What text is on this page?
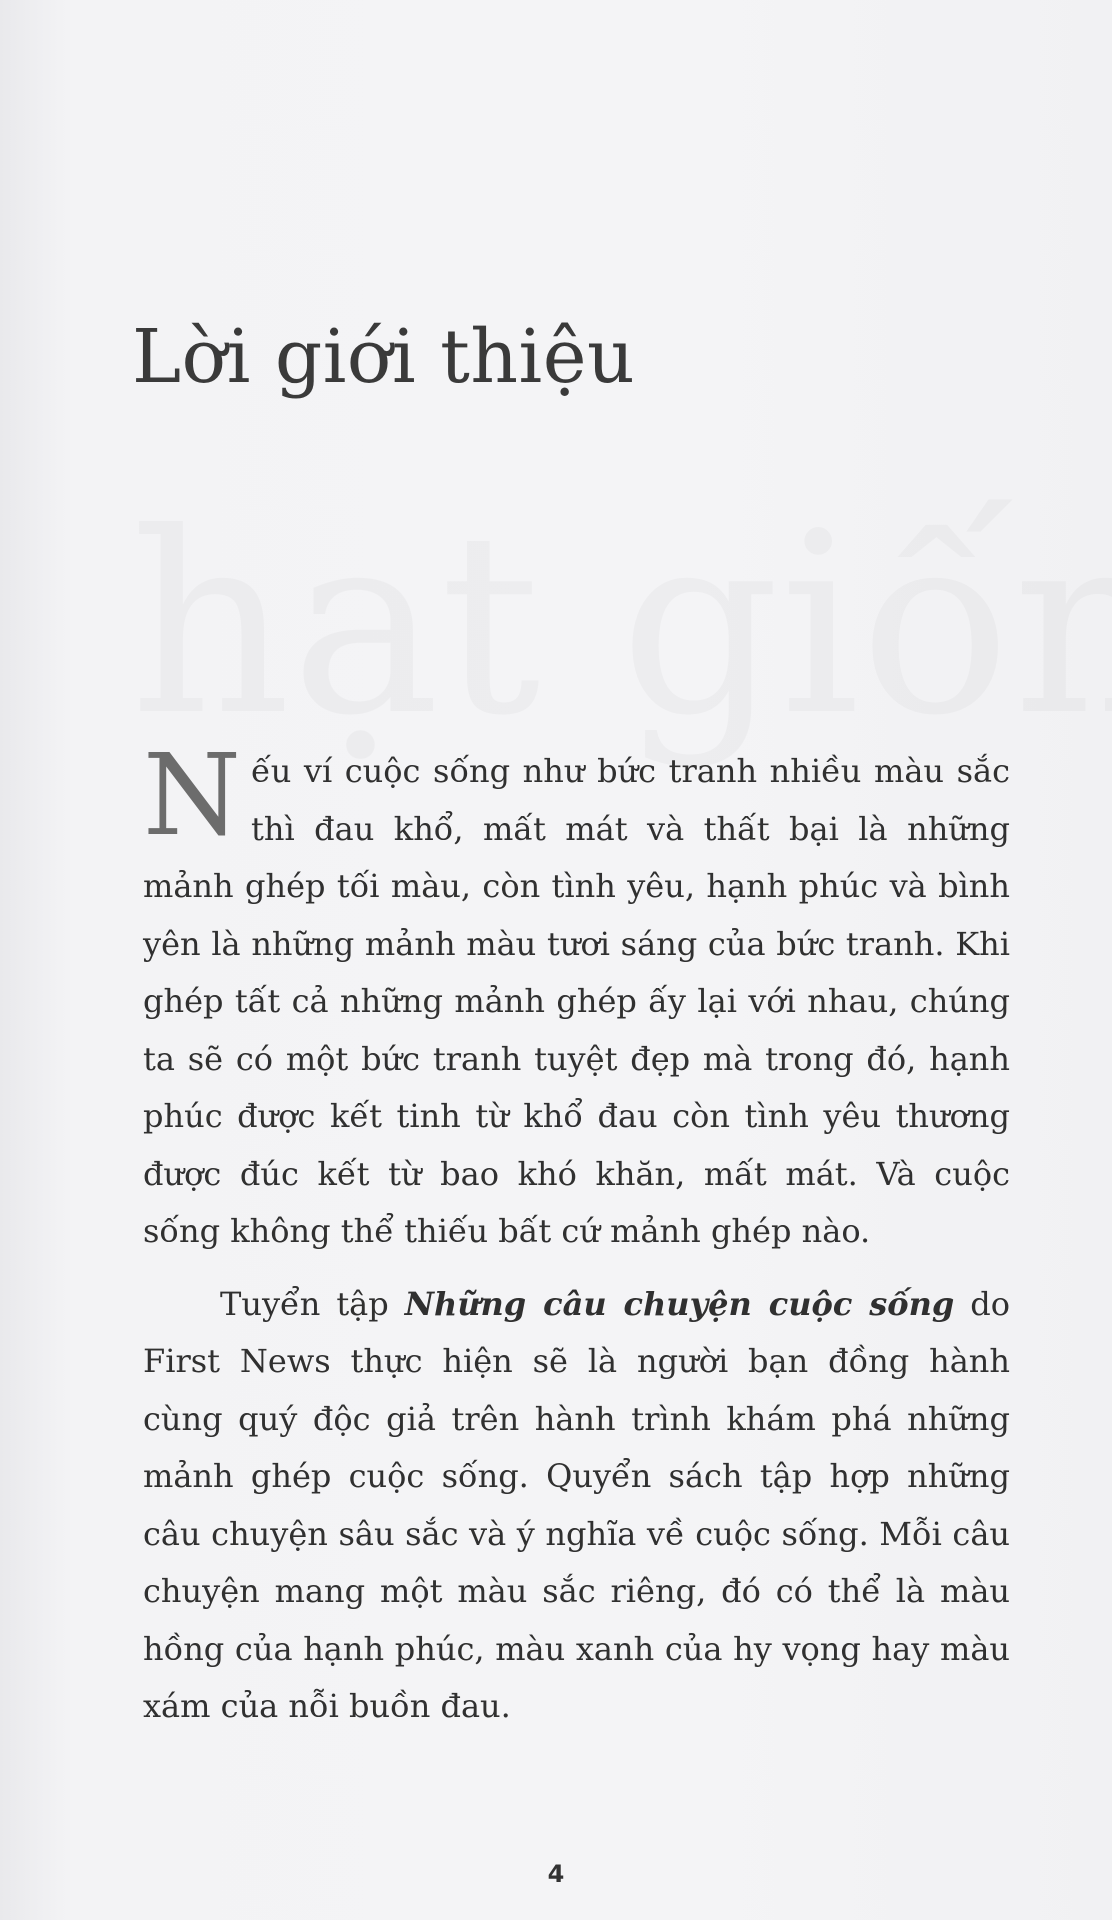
Lời giới thiệu

Nếu ví cuộc sống như bức tranh nhiều màu sắc thì đau khổ, mất mát và thất bại là những mảnh ghép tối màu, còn tình yêu, hạnh phúc và bình yên là những mảnh màu tươi sáng của bức tranh. Khi ghép tất cả những mảnh ghép ấy lại với nhau, chúng ta sẽ có một bức tranh tuyệt đẹp mà trong đó, hạnh phúc được kết tinh từ khổ đau còn tình yêu thương được đúc kết từ bao khó khăn, mất mát. Và cuộc sống không thể thiếu bất cứ mảnh ghép nào.

Tuyển tập Những câu chuyện cuộc sống do First News thực hiện sẽ là người bạn đồng hành cùng quý độc giả trên hành trình khám phá những mảnh ghép cuộc sống. Quyển sách tập hợp những câu chuyện sâu sắc và ý nghĩa về cuộc sống. Mỗi câu chuyện mang một màu sắc riêng, đó có thể là màu hồng của hạnh phúc, màu xanh của hy vọng hay màu xám của nỗi buồn đau.

4
